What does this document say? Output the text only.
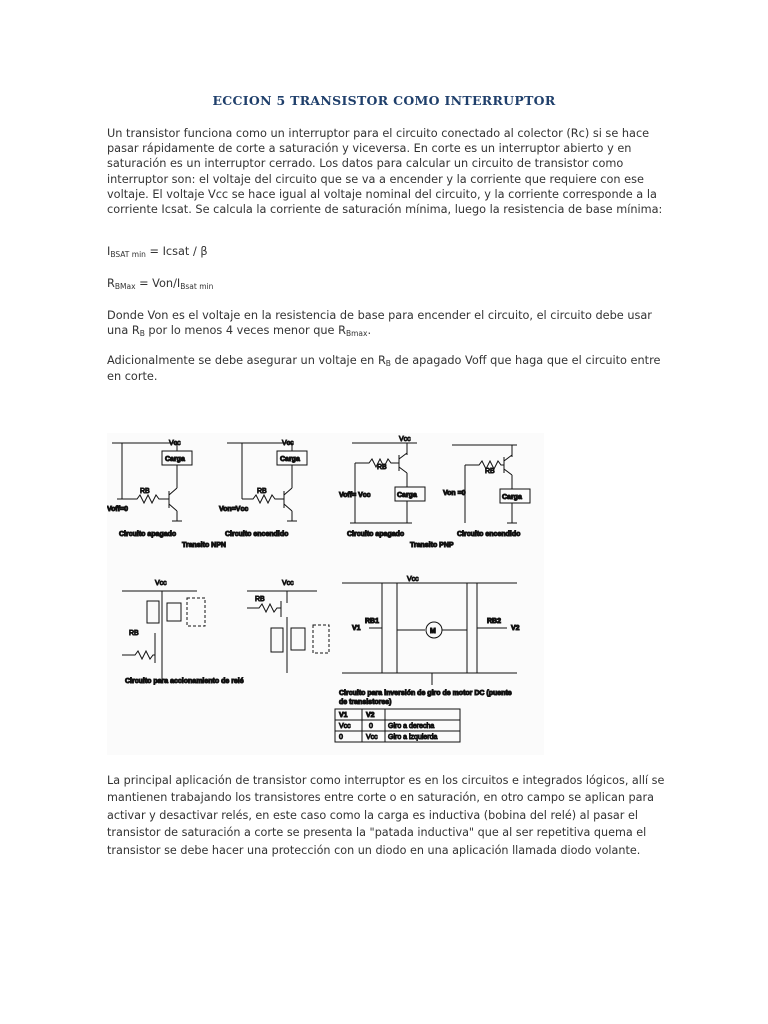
ECCION 5 TRANSISTOR COMO INTERRUPTOR

Un transistor funciona como un interruptor para el circuito conectado al colector (Rc) si se hace pasar rápidamente de corte a saturación y viceversa. En corte es un interruptor abierto y en saturación es un interruptor cerrado. Los datos para calcular un circuito de transistor como interruptor son: el voltaje del circuito que se va a encender y la corriente que requiere con ese voltaje. El voltaje Vcc se hace igual al voltaje nominal del circuito, y la corriente corresponde a la corriente Icsat. Se calcula la corriente de saturación mínima, luego la resistencia de base mínima:

IBSAT min = Icsat / β

RBMax = Von/IBsat min

Donde Von es el voltaje en la resistencia de base para encender el circuito, el circuito debe usar una RB por lo menos 4 veces menor que RBmax.

Adicionalmente se debe asegurar un voltaje en RB de apagado Voff que haga que el circuito entre en corte.

Vcc
Carga
RB
Voff=0
Circuito apagado
Vcc
Carga
RB
Von=Vcc
Circuito encendido
Transito NPN
Vcc
Carga
RB
Voff= Vcc
Circuito apagado
Transito PNP
RB
Carga
Von =0
Circuito encendido
Vcc
RB
Vcc
RB
Circuito para accionamiento de relé
Vcc
V1
RB1	RB2
V2
M
Circuito para inversión de giro de motor DC (puente
de transistores)
V1	V2
Vcc	0 Giro a derecha
0	Vcc Giro a izquierda

La principal aplicación de transistor como interruptor es en los circuitos e integrados lógicos, allí se mantienen trabajando los transistores entre corte o en saturación, en otro campo se aplican para activar y desactivar relés, en este caso como la carga es inductiva (bobina del relé) al pasar el transistor de saturación a corte se presenta la "patada inductiva" que al ser repetitiva quema el transistor se debe hacer una protección con un diodo en una aplicación llamada diodo volante.
